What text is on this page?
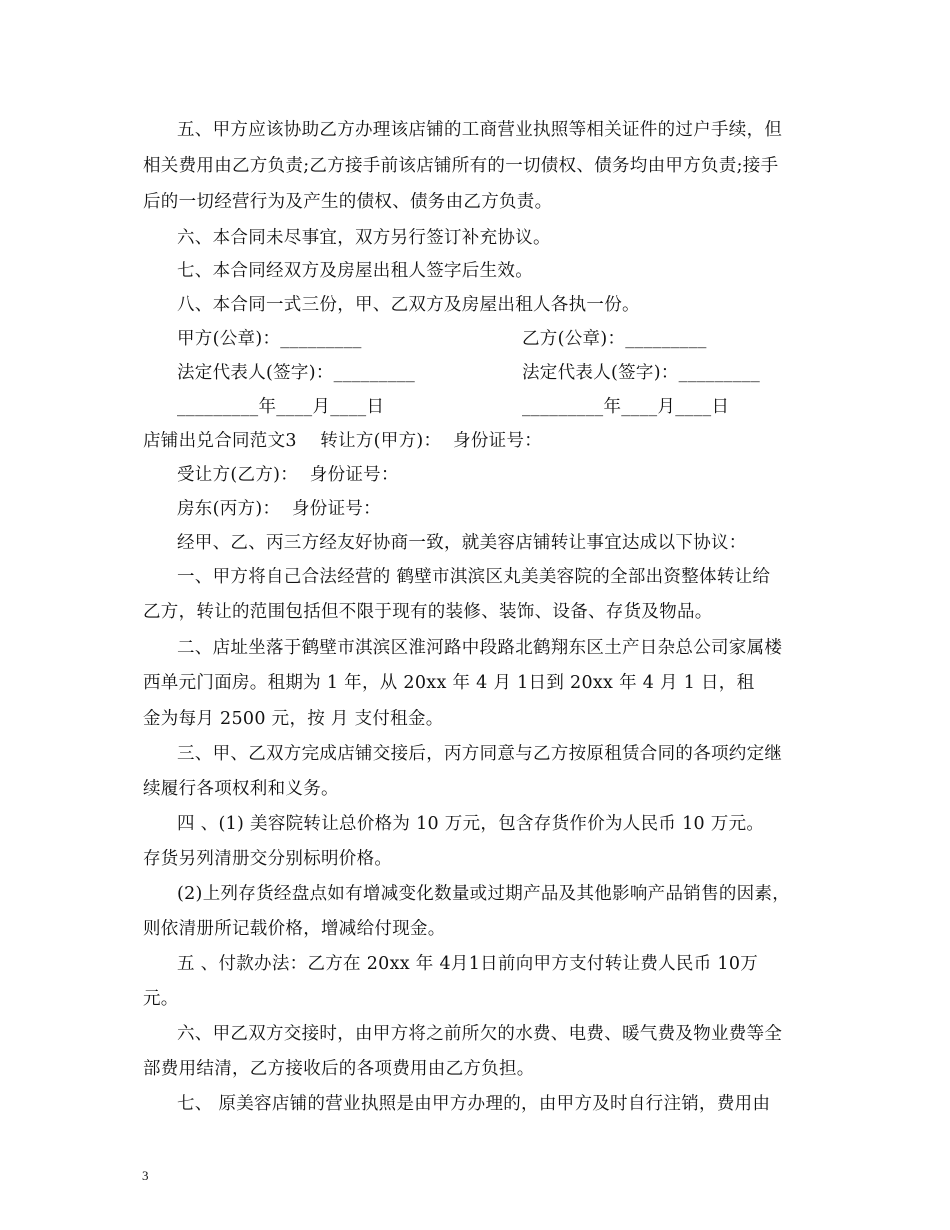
五、甲方应该协助乙方办理该店铺的工商营业执照等相关证件的过户手续，但
相关费用由乙方负责;乙方接手前该店铺所有的一切债权、债务均由甲方负责;接手
后的一切经营行为及产生的债权、债务由乙方负责。
六、本合同未尽事宜，双方另行签订补充协议。
七、本合同经双方及房屋出租人签字后生效。
八、本合同一式三份，甲、乙双方及房屋出租人各执一份。
甲方(公章)：_________	乙方(公章)：_________
法定代表人(签字)：_________	法定代表人(签字)：_________
_________年____月____日	_________年____月____日
店铺出兑合同范文3    转让方(甲方)：  身份证号：
受让方(乙方)：  身份证号：
房东(丙方)：  身份证号：
经甲、乙、丙三方经友好协商一致，就美容店铺转让事宜达成以下协议：
一、甲方将自己合法经营的 鹤壁市淇滨区丸美美容院的全部出资整体转让给
乙方，转让的范围包括但不限于现有的装修、装饰、设备、存货及物品。
二、店址坐落于鹤壁市淇滨区淮河路中段路北鹤翔东区土产日杂总公司家属楼
西单元门面房。租期为 1 年，从 20xx 年 4 月 1日到 20xx 年 4 月 1 日，租
金为每月 2500 元，按 月 支付租金。
三、甲、乙双方完成店铺交接后，丙方同意与乙方按原租赁合同的各项约定继
续履行各项权利和义务。
四 、(1) 美容院转让总价格为 10 万元，包含存货作价为人民币 10 万元。
存货另列清册交分别标明价格。
(2)上列存货经盘点如有增减变化数量或过期产品及其他影响产品销售的因素，
则依清册所记载价格，增减给付现金。
五 、付款办法：乙方在 20xx 年 4月1日前向甲方支付转让费人民币 10万
元。
六、甲乙双方交接时，由甲方将之前所欠的水费、电费、暖气费及物业费等全
部费用结清，乙方接收后的各项费用由乙方负担。
七、 原美容店铺的营业执照是由甲方办理的，由甲方及时自行注销，费用由
3
